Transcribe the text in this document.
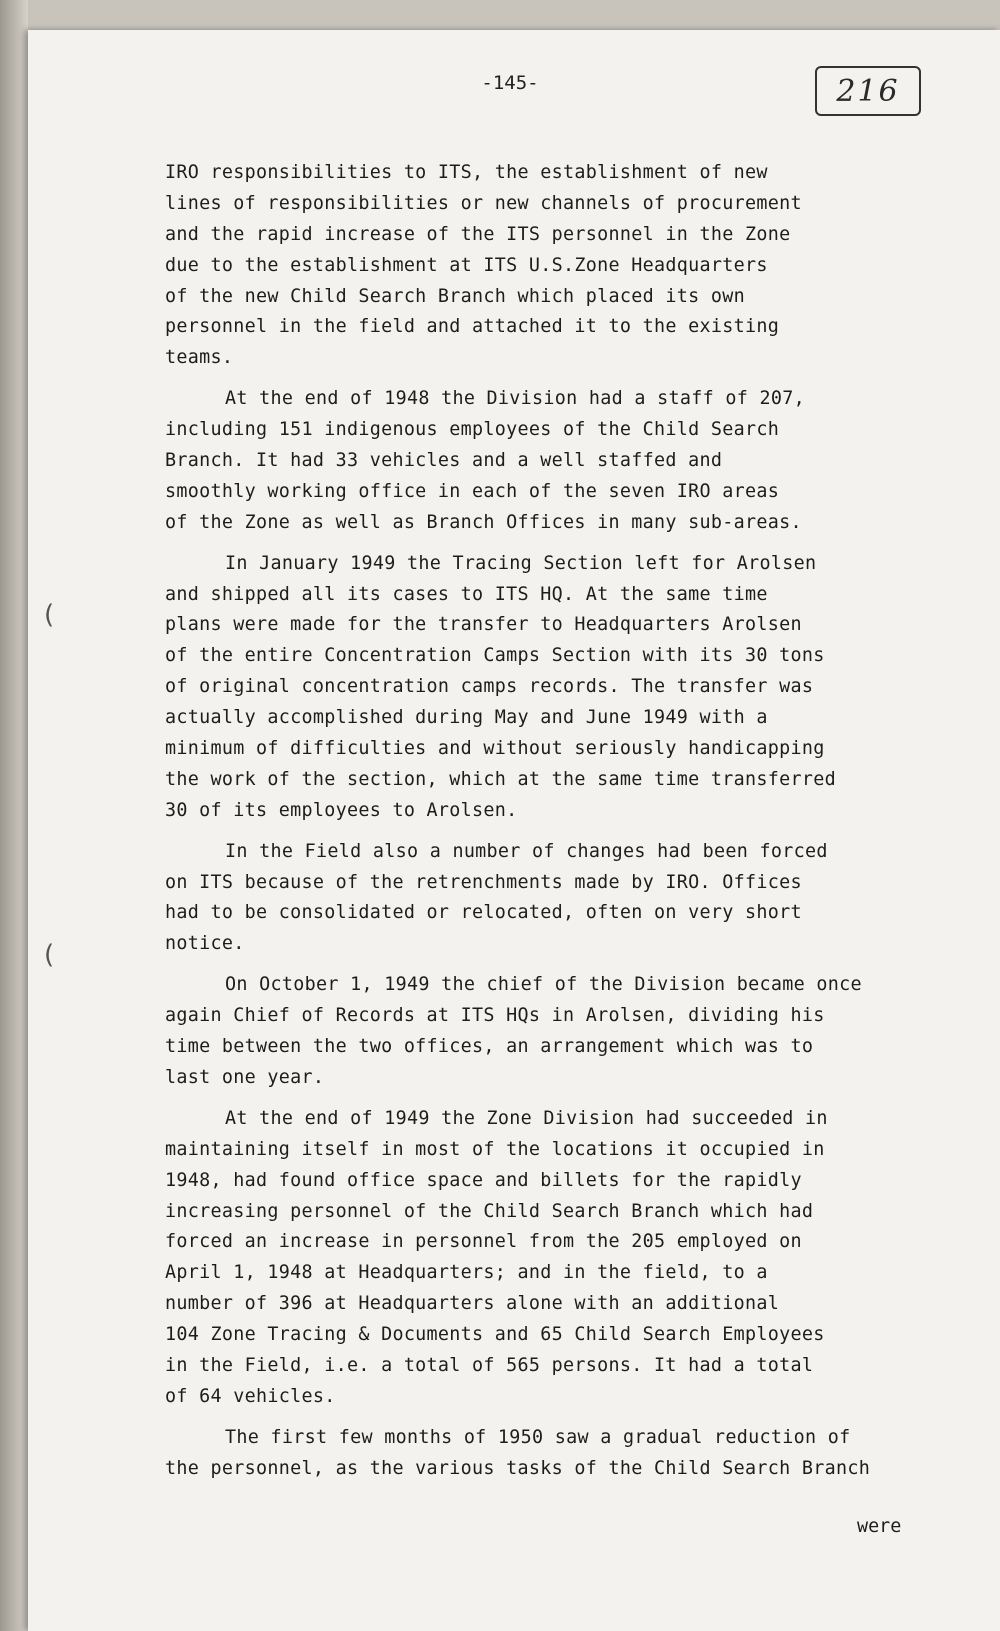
-145-	216
IRO responsibilities to ITS, the establishment of new
lines of responsibilities or new channels of procurement
and the rapid increase of the ITS personnel in the Zone
due to the establishment at ITS U.S.Zone Headquarters
of the new Child Search Branch which placed its own
personnel in the field and attached it to the existing
teams.
At the end of 1948 the Division had a staff of 207,
including 151 indigenous employees of the Child Search
Branch. It had 33 vehicles and a well staffed and
smoothly working office in each of the seven IRO areas
of the Zone as well as Branch Offices in many sub-areas.
In January 1949 the Tracing Section left for Arolsen
and shipped all its cases to ITS HQ. At the same time
plans were made for the transfer to Headquarters Arolsen
of the entire Concentration Camps Section with its 30 tons
of original concentration camps records. The transfer was
actually accomplished during May and June 1949 with a
minimum of difficulties and without seriously handicapping
the work of the section, which at the same time transferred
30 of its employees to Arolsen.
In the Field also a number of changes had been forced
on ITS because of the retrenchments made by IRO. Offices
had to be consolidated or relocated, often on very short
notice.
On October 1, 1949 the chief of the Division became once
again Chief of Records at ITS HQs in Arolsen, dividing his
time between the two offices, an arrangement which was to
last one year.
At the end of 1949 the Zone Division had succeeded in
maintaining itself in most of the locations it occupied in
1948, had found office space and billets for the rapidly
increasing personnel of the Child Search Branch which had
forced an increase in personnel from the 205 employed on
April 1, 1948 at Headquarters; and in the field, to a
number of 396 at Headquarters alone with an additional
104 Zone Tracing & Documents and 65 Child Search Employees
in the Field, i.e. a total of 565 persons. It had a total
of 64 vehicles.
The first few months of 1950 saw a gradual reduction of
the personnel, as the various tasks of the Child Search Branch
were
(
(
